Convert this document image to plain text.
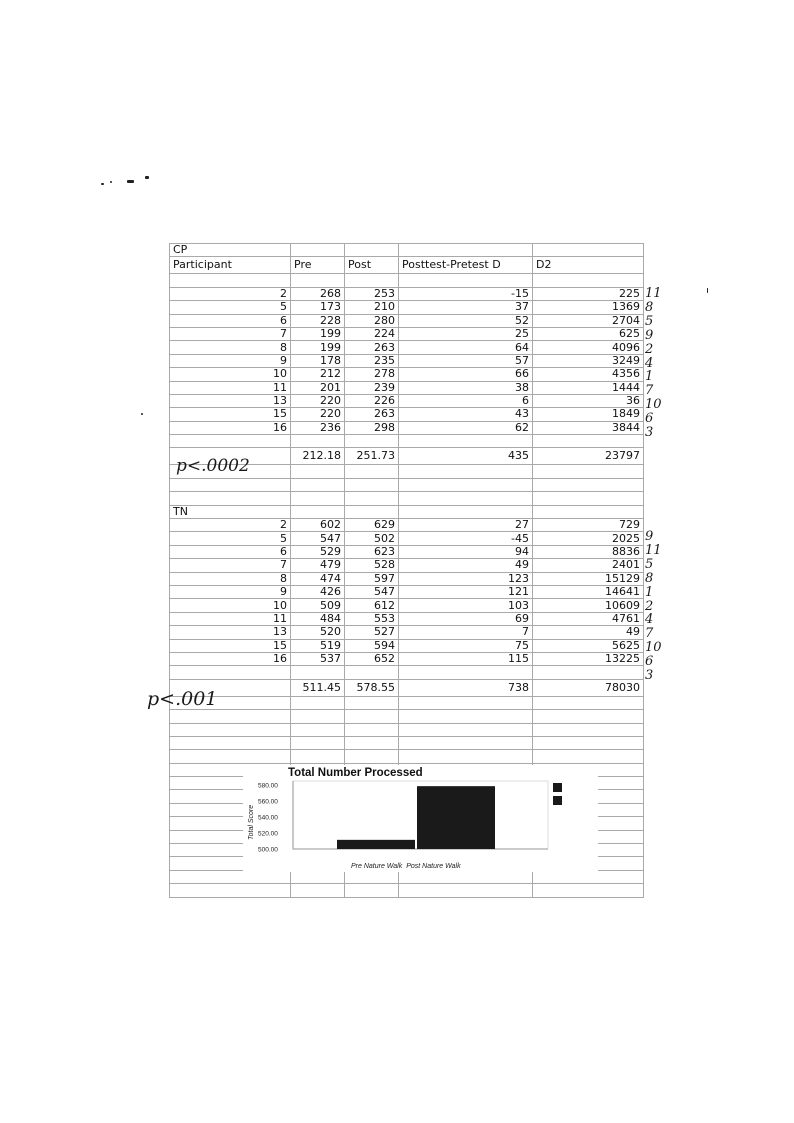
CP				
Participant	Pre	Post	Posttest-Pretest D	D2

2	268	253	-15	225
5	173	210	37	1369
6	228	280	52	2704
7	199	224	25	625
8	199	263	64	4096
9	178	235	57	3249
10	212	278	66	4356
11	201	239	38	1444
13	220	226	6	36
15	220	263	43	1849
16	236	298	62	3844

	212.18	251.73	435	23797

TN				
2	602	629	27	729
5	547	502	-45	2025
6	529	623	94	8836
7	479	528	49	2401
8	474	597	123	15129
9	426	547	121	14641
10	509	612	103	10609
11	484	553	69	4761
13	520	527	7	49
15	519	594	75	5625
16	537	652	115	13225

	511.45	578.55	738	78030

p<.0002
p<.001
11
8
5
9
2
4
1
7
10
6
3
9
11
5
8
1
2
4
7
10
6
3
Total Number Processed
Total Score
500.00
520.00
540.00
560.00
580.00
Pre Nature Walk Post Nature Walk
